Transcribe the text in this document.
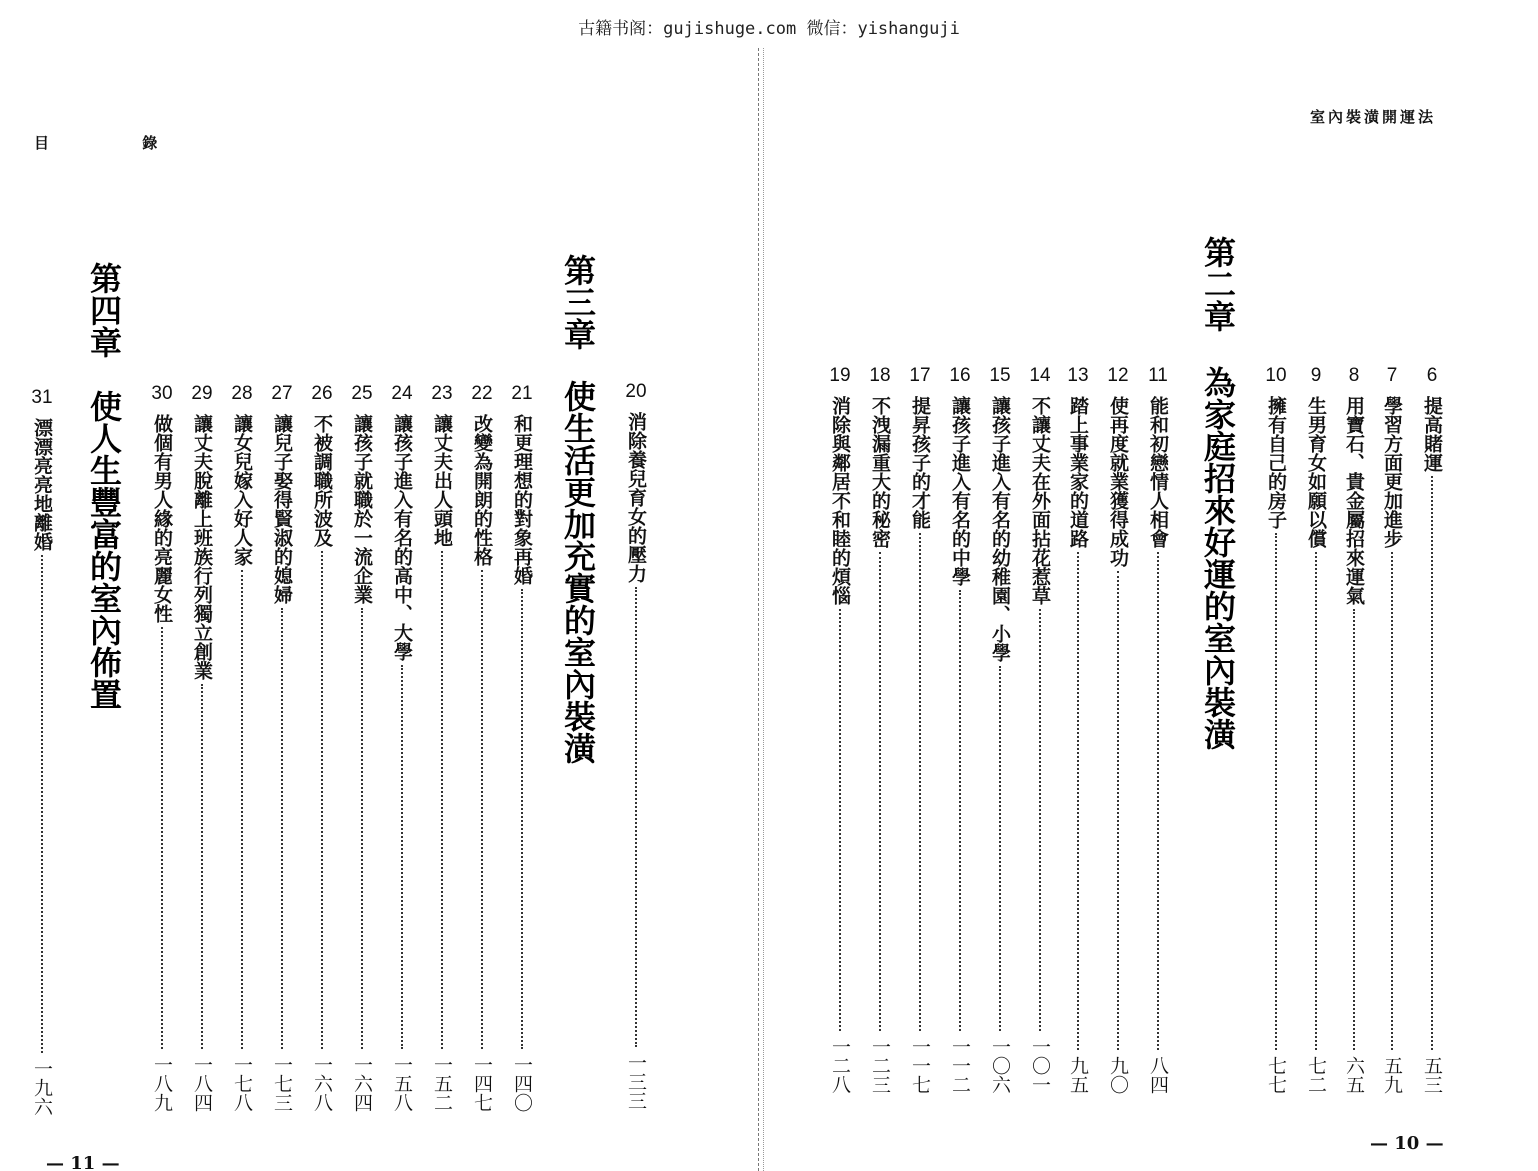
古籍书阁：gujishuge.com 微信：yishanguji
目 錄
— 11 —
20
消除養兒育女的壓力
一三三
第三章
使生活更加充實的室內裝潢
21
和更理想的對象再婚
一四〇
22
改變為開朗的性格
一四七
23
讓丈夫出人頭地
一五二
24
讓孩子進入有名的高中、大學
一五八
25
讓孩子就職於一流企業
一六四
26
不被調職所波及
一六八
27
讓兒子娶得賢淑的媳婦
一七三
28
讓女兒嫁入好人家
一七八
29
讓丈夫脫離上班族行列獨立創業
一八四
30
做個有男人緣的亮麗女性
一八九
第四章
使人生豐富的室內佈置
31
漂漂亮亮地離婚
一九六
室內裝潢開運法
— 10 —
6
提高賭運
五三
7
學習方面更加進步
五九
8
用寶石、貴金屬招來運氣
六五
9
生男育女如願以償
七二
10
擁有自己的房子
七七
第二章
為家庭招來好運的室內裝潢
11
能和初戀情人相會
八四
12
使再度就業獲得成功
九〇
13
踏上事業家的道路
九五
14
不讓丈夫在外面拈花惹草
一〇一
15
讓孩子進入有名的幼稚園、小學
一〇六
16
讓孩子進入有名的中學
一一二
17
提昇孩子的才能
一一七
18
不洩漏重大的秘密
一二三
19
消除與鄰居不和睦的煩惱
一二八
